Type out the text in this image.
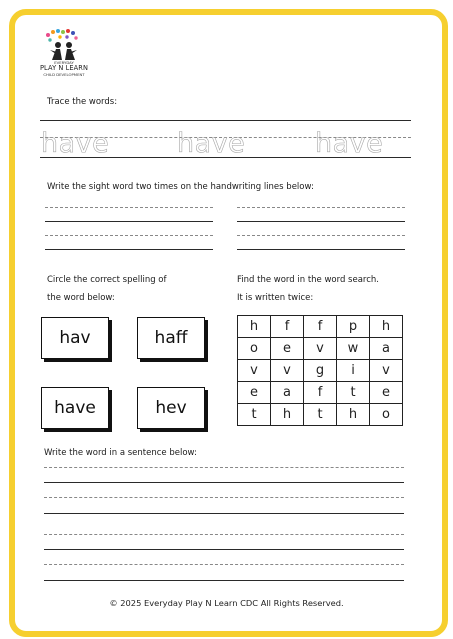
EVERYDAY
PLAY N LEARN
CHILD DEVELOPMENT
Trace the words:
have	have	have
Write the sight word two times on the handwriting lines below:
Circle the correct spelling of
the word below:
hav	haff
have	hev
Find the word in the word search.
It is written twice:
h	f	f	p	h
o	e	v	w	a
v	v	g	i	v
e	a	f	t	e
t	h	t	h	o
Write the word in a sentence below:
© 2025 Everyday Play N Learn CDC All Rights Reserved.
